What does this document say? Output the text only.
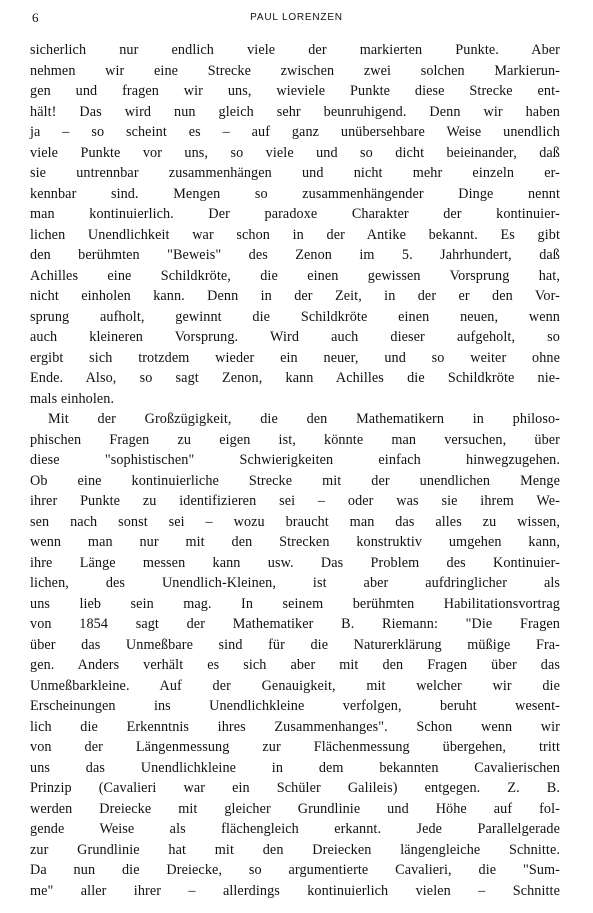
6	PAUL LORENZEN
sicherlich nur endlich viele der markierten Punkte. Aber
nehmen wir eine Strecke zwischen zwei solchen Markierun-
gen und fragen wir uns, wieviele Punkte diese Strecke ent-
hält! Das wird nun gleich sehr beunruhigend. Denn wir haben
ja – so scheint es – auf ganz unübersehbare Weise unendlich
viele Punkte vor uns, so viele und so dicht beieinander, daß
sie untrennbar zusammenhängen und nicht mehr einzeln er-
kennbar sind. Mengen so zusammenhängender Dinge nennt
man kontinuierlich. Der paradoxe Charakter der kontinuier-
lichen Unendlichkeit war schon in der Antike bekannt. Es gibt
den berühmten "Beweis" des Zenon im 5. Jahrhundert, daß
Achilles eine Schildkröte, die einen gewissen Vorsprung hat,
nicht einholen kann. Denn in der Zeit, in der er den Vor-
sprung aufholt, gewinnt die Schildkröte einen neuen, wenn
auch kleineren Vorsprung. Wird auch dieser aufgeholt, so
ergibt sich trotzdem wieder ein neuer, und so weiter ohne
Ende. Also, so sagt Zenon, kann Achilles die Schildkröte nie-
mals einholen.
Mit der Großzügigkeit, die den Mathematikern in philoso-
phischen Fragen zu eigen ist, könnte man versuchen, über
diese "sophistischen" Schwierigkeiten einfach hinwegzugehen.
Ob eine kontinuierliche Strecke mit der unendlichen Menge
ihrer Punkte zu identifizieren sei – oder was sie ihrem We-
sen nach sonst sei – wozu braucht man das alles zu wissen,
wenn man nur mit den Strecken konstruktiv umgehen kann,
ihre Länge messen kann usw. Das Problem des Kontinuier-
lichen, des Unendlich-Kleinen, ist aber aufdringlicher als
uns lieb sein mag. In seinem berühmten Habilitationsvortrag
von 1854 sagt der Mathematiker B. Riemann: "Die Fragen
über das Unmeßbare sind für die Naturerklärung müßige Fra-
gen. Anders verhält es sich aber mit den Fragen über das
Unmeßbarkleine. Auf der Genauigkeit, mit welcher wir die
Erscheinungen ins Unendlichkleine verfolgen, beruht wesent-
lich die Erkenntnis ihres Zusammenhanges". Schon wenn wir
von der Längenmessung zur Flächenmessung übergehen, tritt
uns das Unendlichkleine in dem bekannten Cavalierischen
Prinzip (Cavalieri war ein Schüler Galileis) entgegen. Z. B.
werden Dreiecke mit gleicher Grundlinie und Höhe auf fol-
gende Weise als flächengleich erkannt. Jede Parallelgerade
zur Grundlinie hat mit den Dreiecken längengleiche Schnitte.
Da nun die Dreiecke, so argumentierte Cavalieri, die "Sum-
me" aller ihrer – allerdings kontinuierlich vielen – Schnitte
